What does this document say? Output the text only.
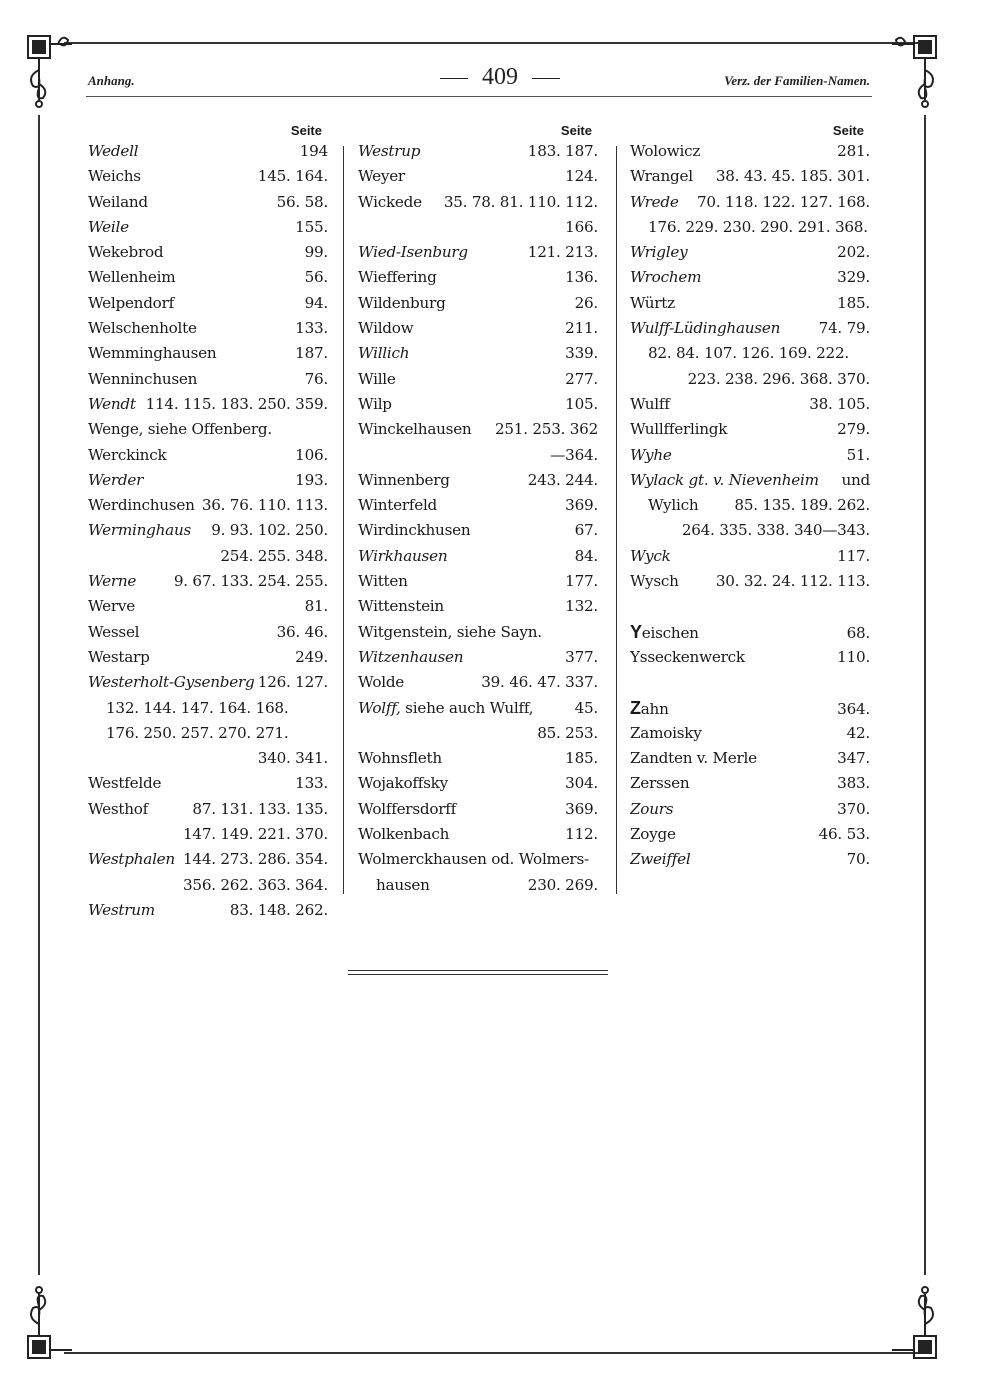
Anhang.	409	Verz. der Familien-Namen.
Seite
Wedell	194
Weichs	145. 164.
Weiland	56. 58.
Weile	155.
Wekebrod	99.
Wellenheim	56.
Welpendorf	94.
Welschenholte	133.
Wemminghausen	187.
Wenninchusen	76.
Wendt 114. 115. 183. 250. 359.
Wenge, siehe Offenberg.
Werckinck	106.
Werder	193.
Werdinchusen 36. 76. 110. 113.
Werminghaus 9. 93. 102. 250.
254. 255. 348.
Werne 9. 67. 133. 254. 255.
Werve	81.
Wessel	36. 46.
Westarp	249.
Westerholt-Gysenberg 126. 127.
132. 144. 147. 164. 168.
176. 250. 257. 270. 271.
340. 341.
Westfelde	133.
Westhof	87. 131. 133. 135.
147. 149. 221. 370.
Westphalen 144. 273. 286. 354.
356. 262. 363. 364.
Westrum	83. 148. 262.
Seite
Westrup	183. 187.
Weyer	124.
Wickede 35. 78. 81. 110. 112.
166.
Wied-Isenburg	121. 213.
Wieffering	136.
Wildenburg	26.
Wildow	211.
Willich	339.
Wille	277.
Wilp	105.
Winckelhausen 251. 253. 362
—364.
Winnenberg	243. 244.
Winterfeld	369.
Wirdinckhusen	67.
Wirkhausen	84.
Witten	177.
Wittenstein	132.
Witgenstein, siehe Sayn.
Witzenhausen	377.
Wolde	39. 46. 47. 337.
Wolff, siehe auch Wulff,	45.
85. 253.
Wohnsfleth	185.
Wojakoffsky	304.
Wolffersdorff	369.
Wolkenbach	112.
Wolmerckhausen od. Wolmers-
hausen	230. 269.
Seite
Wolowicz	281.
Wrangel 38. 43. 45. 185. 301.
Wrede 70. 118. 122. 127. 168.
176. 229. 230. 290. 291. 368.
Wrigley	202.
Wrochem	329.
Würtz	185.
Wulff-Lüdinghausen	74. 79.
82. 84. 107. 126. 169. 222.
223. 238. 296. 368. 370.
Wulff	38. 105.
Wullfferlingk	279.
Wyhe	51.
Wylack gt. v. Nievenheim und
Wylich 85. 135. 189. 262.
264. 335. 338. 340—343.
Wyck	117.
Wysch 30. 32. 24. 112. 113.
Yeischen	68.
Ysseckenwerck	110.
Zahn	364.
Zamoisky	42.
Zandten v. Merle	347.
Zerssen	383.
Zours	370.
Zoyge	46. 53.
Zweiffel	70.
